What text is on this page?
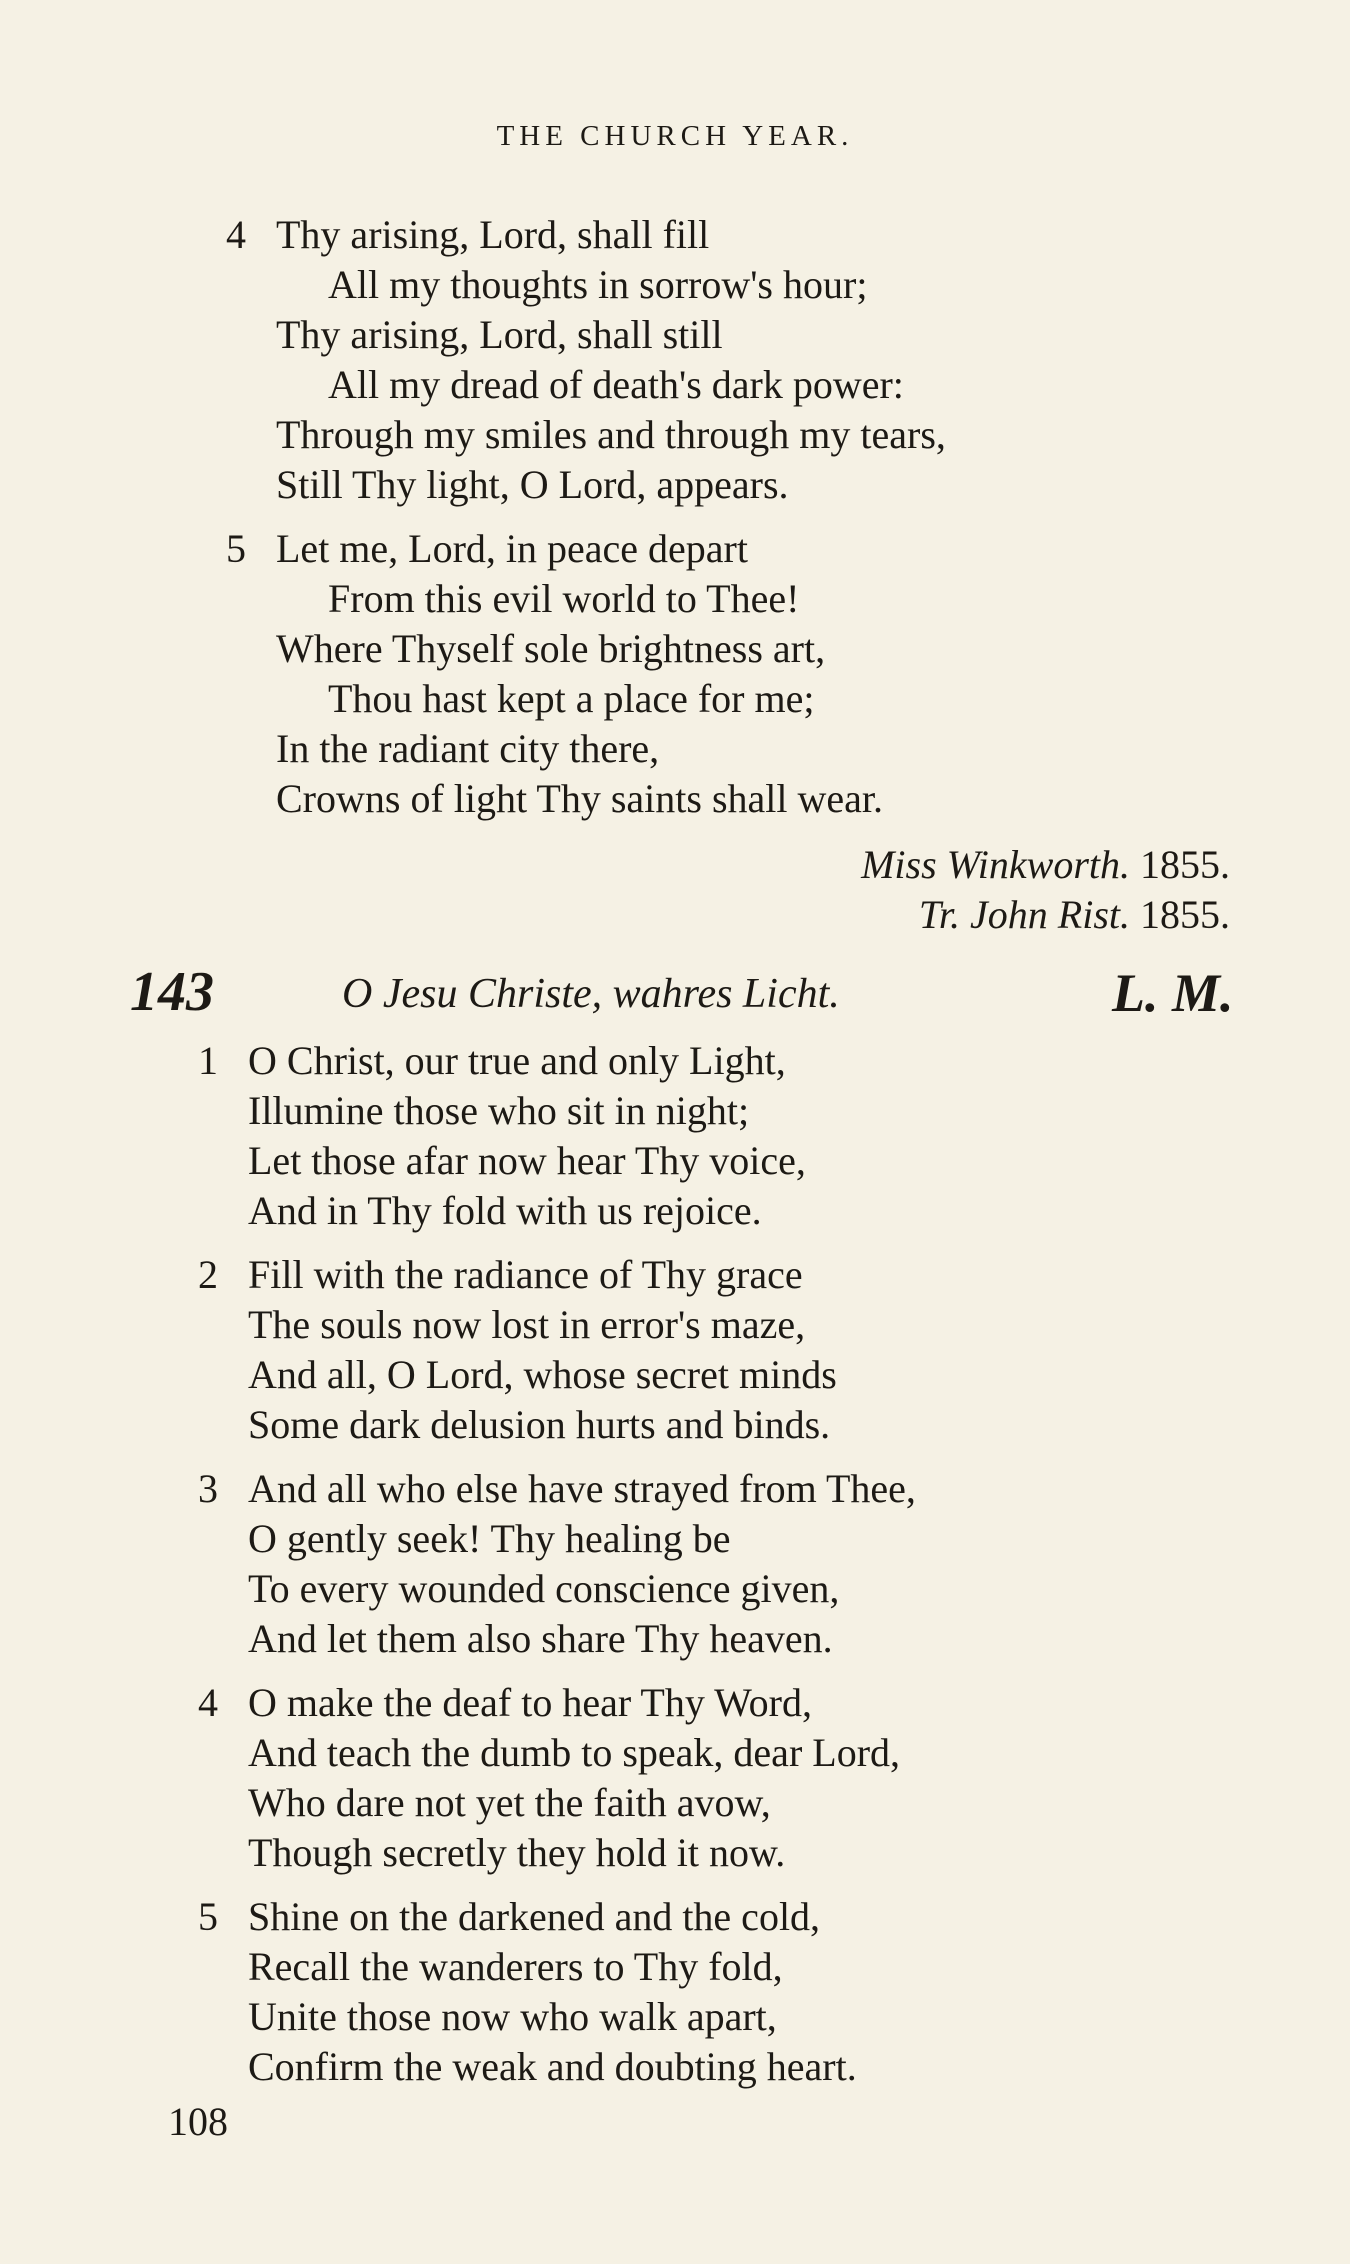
THE CHURCH YEAR.
4 Thy arising, Lord, shall fill
All my thoughts in sorrow's hour;
Thy arising, Lord, shall still
All my dread of death's dark power:
Through my smiles and through my tears,
Still Thy light, O Lord, appears.
5 Let me, Lord, in peace depart
From this evil world to Thee!
Where Thyself sole brightness art,
Thou hast kept a place for me;
In the radiant city there,
Crowns of light Thy saints shall wear.
Miss Winkworth. 1855.
Tr. John Rist. 1855.
143	O Jesu Christe, wahres Licht.	L. M.
1 O Christ, our true and only Light,
Illumine those who sit in night;
Let those afar now hear Thy voice,
And in Thy fold with us rejoice.
2 Fill with the radiance of Thy grace
The souls now lost in error's maze,
And all, O Lord, whose secret minds
Some dark delusion hurts and binds.
3 And all who else have strayed from Thee,
O gently seek! Thy healing be
To every wounded conscience given,
And let them also share Thy heaven.
4 O make the deaf to hear Thy Word,
And teach the dumb to speak, dear Lord,
Who dare not yet the faith avow,
Though secretly they hold it now.
5 Shine on the darkened and the cold,
Recall the wanderers to Thy fold,
Unite those now who walk apart,
Confirm the weak and doubting heart.
108
